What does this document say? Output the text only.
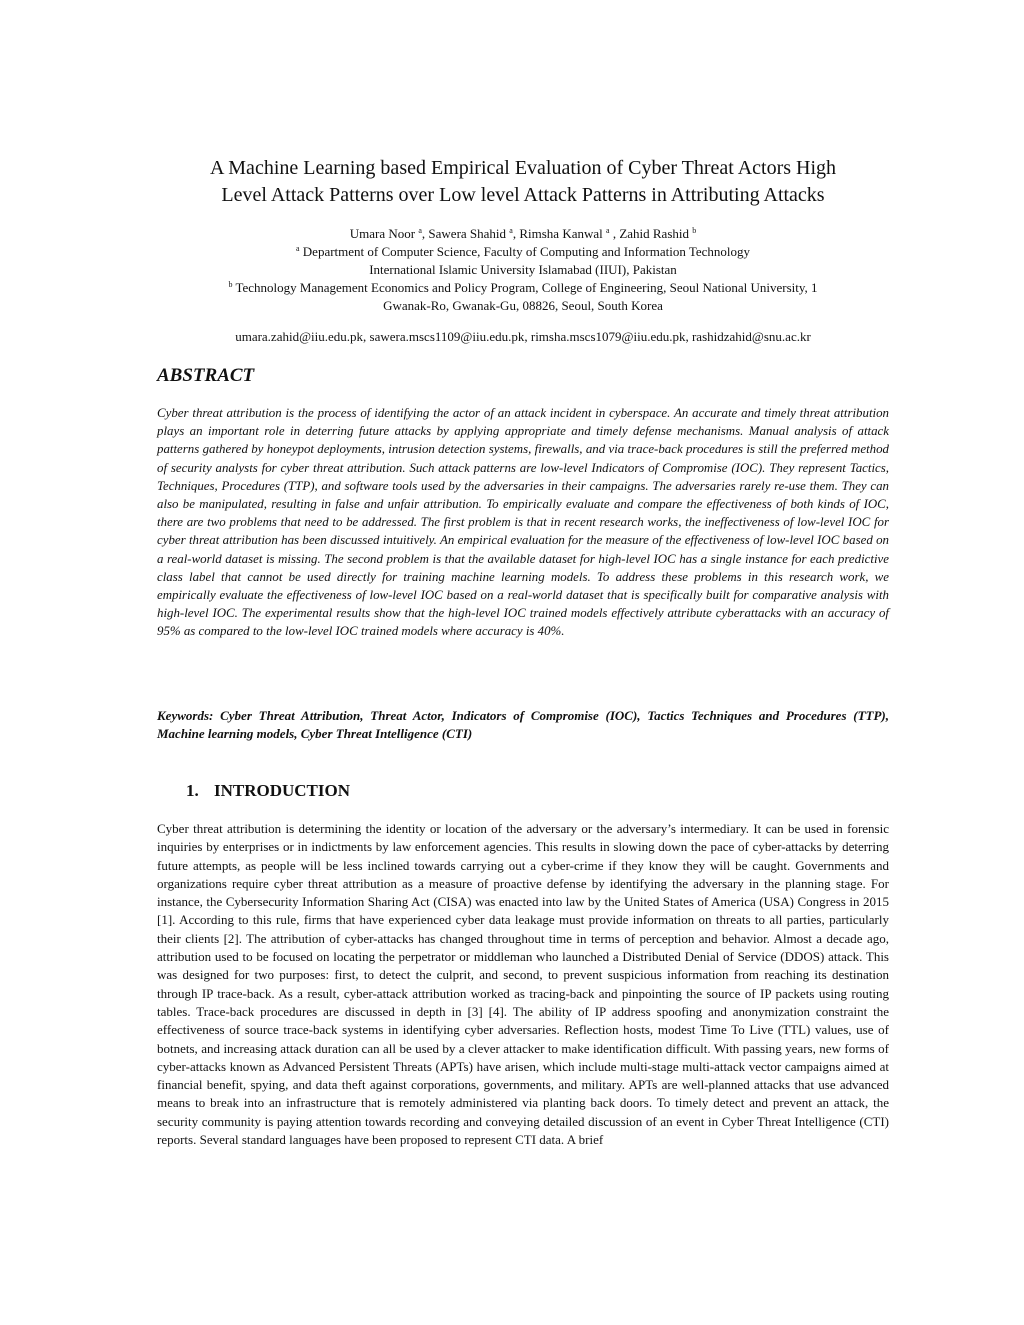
A Machine Learning based Empirical Evaluation of Cyber Threat Actors High
Level Attack Patterns over Low level Attack Patterns in Attributing Attacks
Umara Noor $^a$, Sawera Shahid $^a$, Rimsha Kanwal $^a$ , Zahid Rashid $^b$
$^a$ Department of Computer Science, Faculty of Computing and Information Technology
International Islamic University Islamabad (IIUI), Pakistan
$^b$ Technology Management Economics and Policy Program, College of Engineering, Seoul National University, 1
Gwanak-Ro, Gwanak-Gu, 08826, Seoul, South Korea
umara.zahid@iiu.edu.pk, sawera.mscs1109@iiu.edu.pk, rimsha.mscs1079@iiu.edu.pk, rashidzahid@snu.ac.kr
ABSTRACT

Cyber threat attribution is the process of identifying the actor of an attack incident in cyberspace. An accurate and timely threat attribution plays an important role in deterring future attacks by applying appropriate and timely defense mechanisms. Manual analysis of attack patterns gathered by honeypot deployments, intrusion detection systems, firewalls, and via trace-back procedures is still the preferred method of security analysts for cyber threat attribution. Such attack patterns are low-level Indicators of Compromise (IOC). They represent Tactics, Techniques, Procedures (TTP), and software tools used by the adversaries in their campaigns. The adversaries rarely re-use them. They can also be manipulated, resulting in false and unfair attribution. To empirically evaluate and compare the effectiveness of both kinds of IOC, there are two problems that need to be addressed. The first problem is that in recent research works, the ineffectiveness of low-level IOC for cyber threat attribution has been discussed intuitively. An empirical evaluation for the measure of the effectiveness of low-level IOC based on a real-world dataset is missing. The second problem is that the available dataset for high-level IOC has a single instance for each predictive class label that cannot be used directly for training machine learning models. To address these problems in this research work, we empirically evaluate the effectiveness of low-level IOC based on a real-world dataset that is specifically built for comparative analysis with high-level IOC. The experimental results show that the high-level IOC trained models effectively attribute cyberattacks with an accuracy of 95% as compared to the low-level IOC trained models where accuracy is 40%.

Keywords: Cyber Threat Attribution, Threat Actor, Indicators of Compromise (IOC), Tactics Techniques and Procedures (TTP), Machine learning models, Cyber Threat Intelligence (CTI)

1. INTRODUCTION

Cyber threat attribution is determining the identity or location of the adversary or the adversary’s intermediary. It can be used in forensic inquiries by enterprises or in indictments by law enforcement agencies. This results in slowing down the pace of cyber-attacks by deterring future attempts, as people will be less inclined towards carrying out a cyber-crime if they know they will be caught. Governments and organizations require cyber threat attribution as a measure of proactive defense by identifying the adversary in the planning stage. For instance, the Cybersecurity Information Sharing Act (CISA) was enacted into law by the United States of America (USA) Congress in 2015 [1]. According to this rule, firms that have experienced cyber data leakage must provide information on threats to all parties, particularly their clients [2]. The attribution of cyber-attacks has changed throughout time in terms of perception and behavior. Almost a decade ago, attribution used to be focused on locating the perpetrator or middleman who launched a Distributed Denial of Service (DDOS) attack. This was designed for two purposes: first, to detect the culprit, and second, to prevent suspicious information from reaching its destination through IP trace-back. As a result, cyber-attack attribution worked as tracing-back and pinpointing the source of IP packets using routing tables. Trace-back procedures are discussed in depth in [3] [4]. The ability of IP address spoofing and anonymization constraint the effectiveness of source trace-back systems in identifying cyber adversaries. Reflection hosts, modest Time To Live (TTL) values, use of botnets, and increasing attack duration can all be used by a clever attacker to make identification difficult. With passing years, new forms of cyber-attacks known as Advanced Persistent Threats (APTs) have arisen, which include multi-stage multi-attack vector campaigns aimed at financial benefit, spying, and data theft against corporations, governments, and military. APTs are well-planned attacks that use advanced means to break into an infrastructure that is remotely administered via planting back doors. To timely detect and prevent an attack, the security community is paying attention towards recording and conveying detailed discussion of an event in Cyber Threat Intelligence (CTI) reports. Several standard languages have been proposed to represent CTI data. A brief
